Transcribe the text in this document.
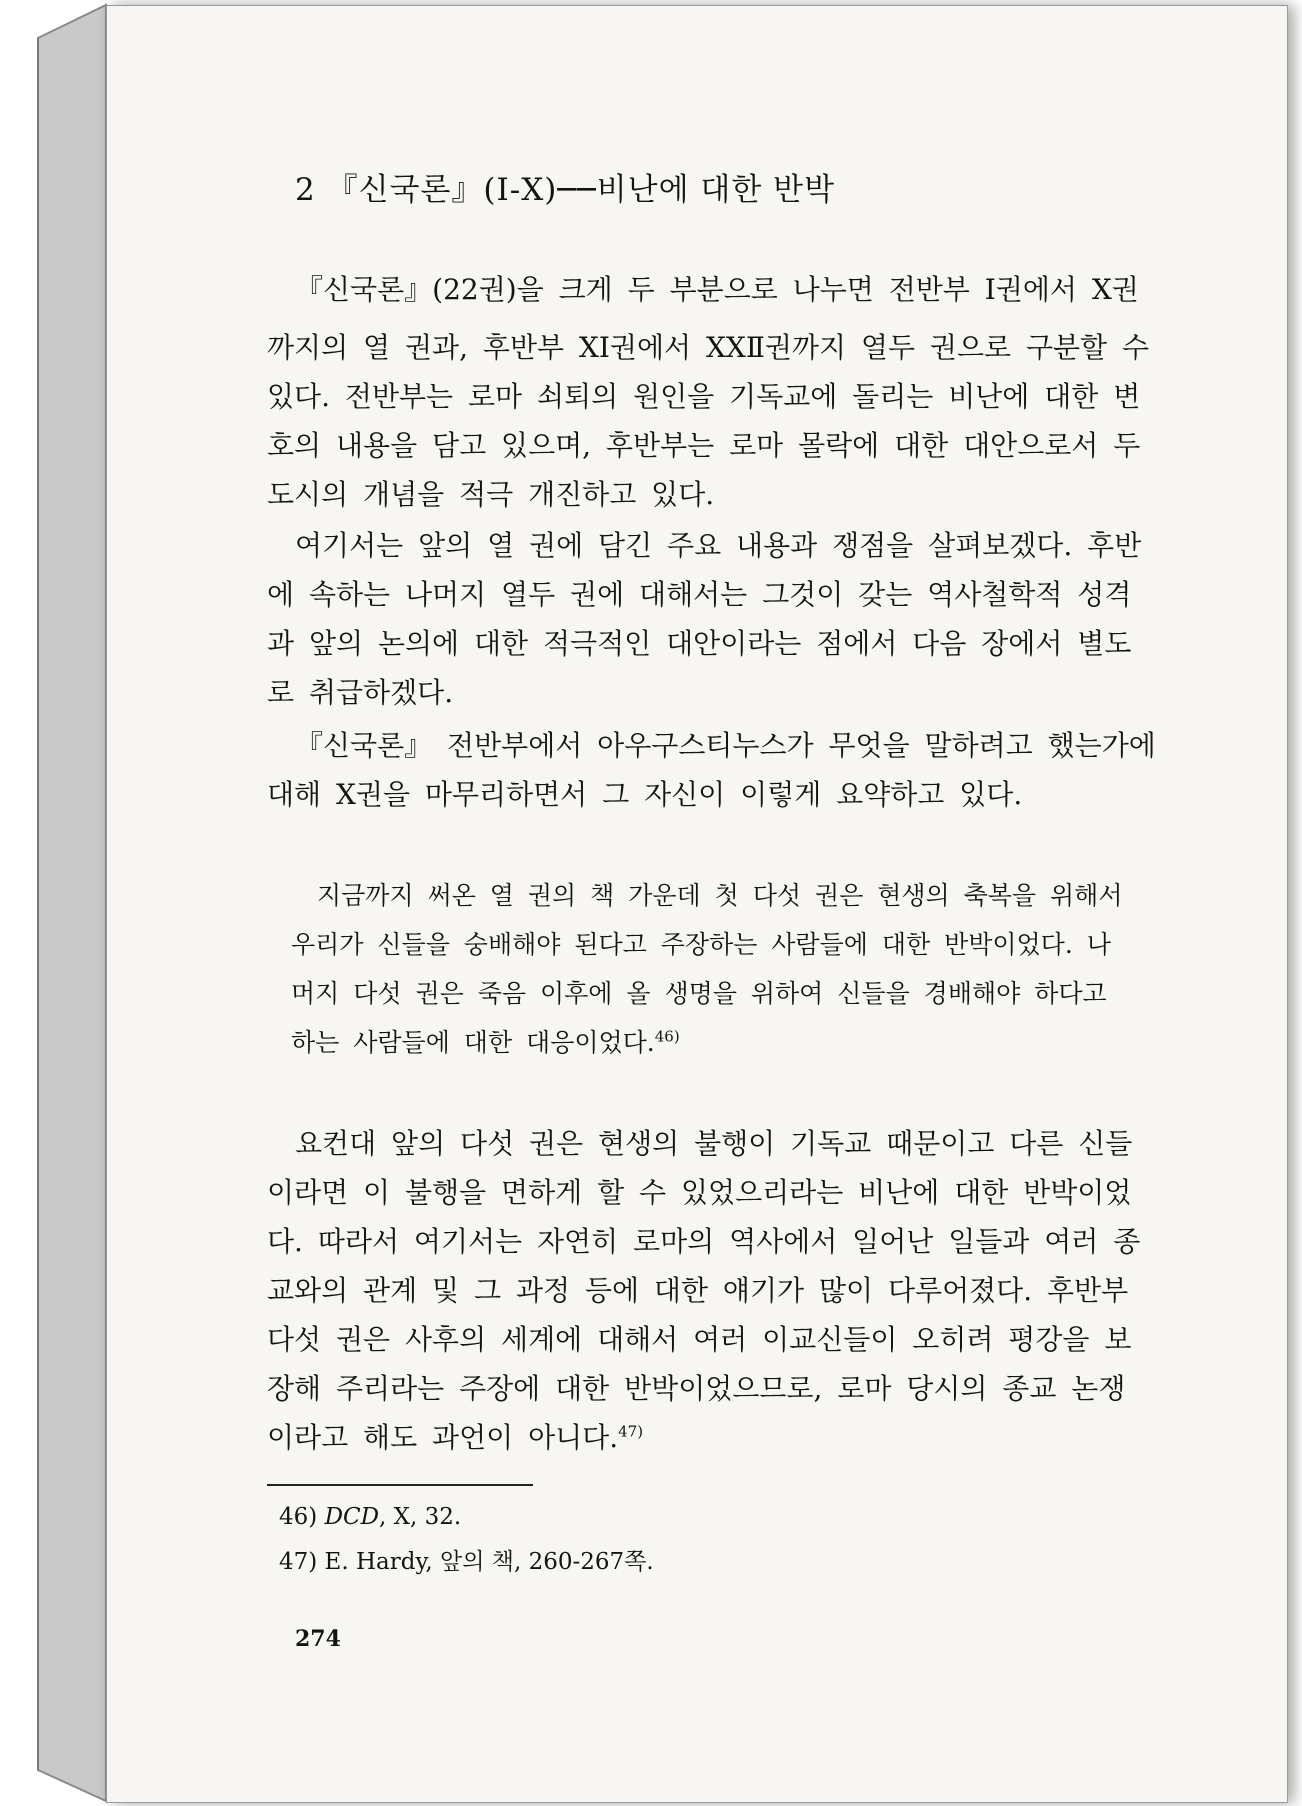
2 『신국론』(Ⅰ-Ⅹ)──비난에 대한 반박
『신국론』(22권)을 크게 두 부분으로 나누면 전반부 Ⅰ권에서 Ⅹ권
까지의 열 권과, 후반부 ⅩⅠ권에서 ⅩⅩⅡ권까지 열두 권으로 구분할 수
있다. 전반부는 로마 쇠퇴의 원인을 기독교에 돌리는 비난에 대한 변
호의 내용을 담고 있으며, 후반부는 로마 몰락에 대한 대안으로서 두
도시의 개념을 적극 개진하고 있다.
여기서는 앞의 열 권에 담긴 주요 내용과 쟁점을 살펴보겠다. 후반
에 속하는 나머지 열두 권에 대해서는 그것이 갖는 역사철학적 성격
과 앞의 논의에 대한 적극적인 대안이라는 점에서 다음 장에서 별도
로 취급하겠다.
『신국론』 전반부에서 아우구스티누스가 무엇을 말하려고 했는가에
대해 Ⅹ권을 마무리하면서 그 자신이 이렇게 요약하고 있다.
지금까지 써온 열 권의 책 가운데 첫 다섯 권은 현생의 축복을 위해서
우리가 신들을 숭배해야 된다고 주장하는 사람들에 대한 반박이었다. 나
머지 다섯 권은 죽음 이후에 올 생명을 위하여 신들을 경배해야 하다고
하는 사람들에 대한 대응이었다.$^{46)}$
요컨대 앞의 다섯 권은 현생의 불행이 기독교 때문이고 다른 신들
이라면 이 불행을 면하게 할 수 있었으리라는 비난에 대한 반박이었
다. 따라서 여기서는 자연히 로마의 역사에서 일어난 일들과 여러 종
교와의 관계 및 그 과정 등에 대한 얘기가 많이 다루어졌다. 후반부
다섯 권은 사후의 세계에 대해서 여러 이교신들이 오히려 평강을 보
장해 주리라는 주장에 대한 반박이었으므로, 로마 당시의 종교 논쟁
이라고 해도 과언이 아니다.$^{47)}$
46) DCD, Ⅹ, 32.
47) E. Hardy, 앞의 책, 260-267쪽.
274
